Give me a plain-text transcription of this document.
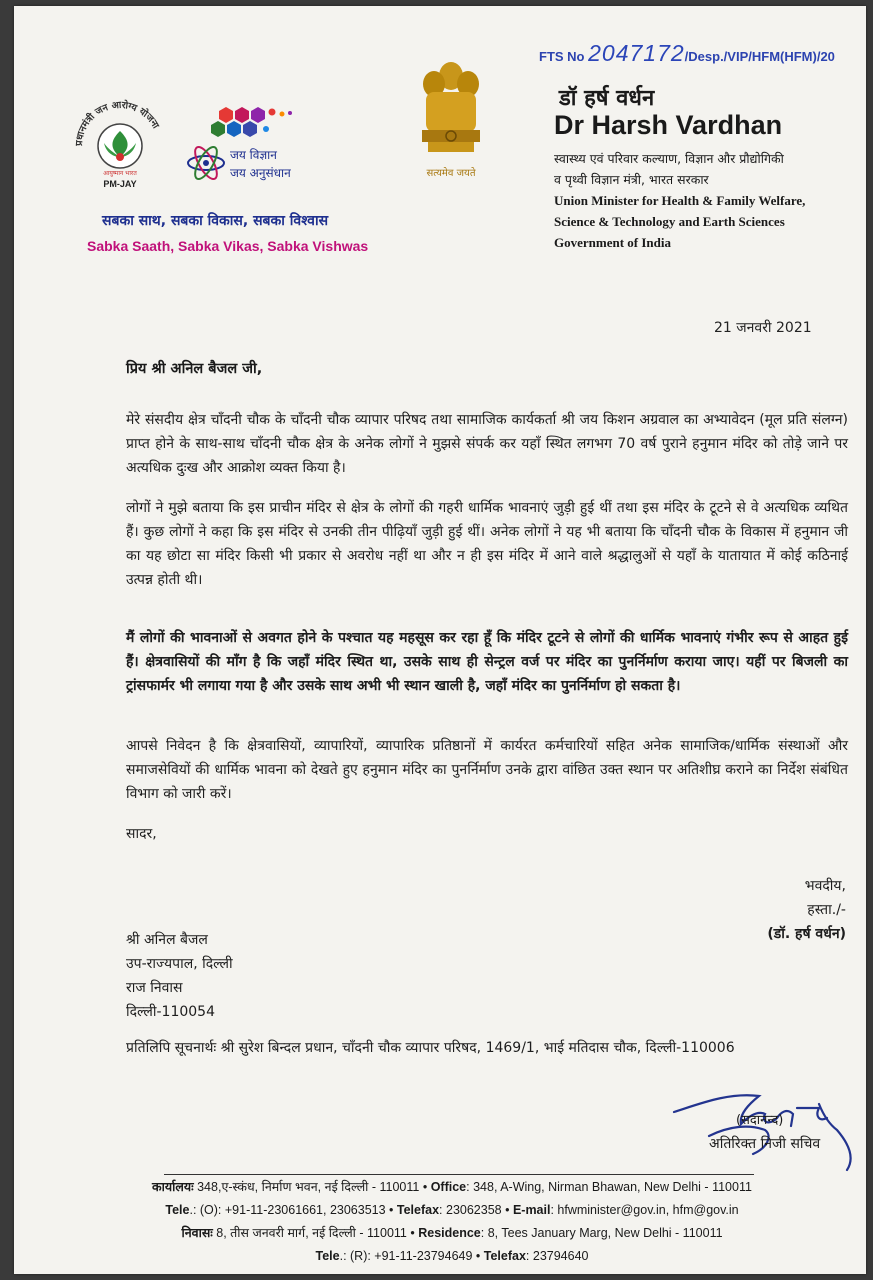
प्रधानमंत्री जन आरोग्य योजना
आयुष्मान भारत
PM-JAY
जय विज्ञान
जय अनुसंधान	सत्यमेव जयते
सबका साथ, सबका विकास, सबका विश्वास
Sabka Saath, Sabka Vikas, Sabka Vishwas
FTS No 2047172/Desp./VIP/HFM(HFM)/20
डॉ हर्ष वर्धन
Dr Harsh Vardhan
स्वास्थ्य एवं परिवार कल्याण, विज्ञान और प्रौद्योगिकी
व पृथ्वी विज्ञान मंत्री, भारत सरकार
Union Minister for Health & Family Welfare,
Science & Technology and Earth Sciences
Government of India
21 जनवरी 2021
प्रिय श्री अनिल बैजल जी,

मेरे संसदीय क्षेत्र चाँदनी चौक के चाँदनी चौक व्यापार परिषद तथा सामाजिक कार्यकर्ता श्री जय किशन अग्रवाल का अभ्यावेदन (मूल प्रति संलग्न) प्राप्त होने के साथ-साथ चाँदनी चौक क्षेत्र के अनेक लोगों ने मुझसे संपर्क कर यहाँ स्थित लगभग 70 वर्ष पुराने हनुमान मंदिर को तोड़े जाने पर अत्यधिक दुःख और आक्रोश व्यक्त किया है।

लोगों ने मुझे बताया कि इस प्राचीन मंदिर से क्षेत्र के लोगों की गहरी धार्मिक भावनाएं जुड़ी हुई थीं तथा इस मंदिर के टूटने से वे अत्यधिक व्यथित हैं। कुछ लोगों ने कहा कि इस मंदिर से उनकी तीन पीढ़ियाँ जुड़ी हुई थीं। अनेक लोगों ने यह भी बताया कि चाँदनी चौक के विकास में हनुमान जी का यह छोटा सा मंदिर किसी भी प्रकार से अवरोध नहीं था और न ही इस मंदिर में आने वाले श्रद्धालुओं से यहाँ के यातायात में कोई कठिनाई उत्पन्न होती थी।

मैं लोगों की भावनाओं से अवगत होने के पश्चात यह महसूस कर रहा हूँ कि मंदिर टूटने से लोगों की धार्मिक भावनाएं गंभीर रूप से आहत हुई हैं। क्षेत्रवासियों की माँग है कि जहाँ मंदिर स्थित था, उसके साथ ही सेन्ट्रल वर्ज पर मंदिर का पुनर्निर्माण कराया जाए। यहीं पर बिजली का ट्रांसफार्मर भी लगाया गया है और उसके साथ अभी भी स्थान खाली है, जहाँ मंदिर का पुनर्निर्माण हो सकता है।

आपसे निवेदन है कि क्षेत्रवासियों, व्यापारियों, व्यापारिक प्रतिष्ठानों में कार्यरत कर्मचारियों सहित अनेक सामाजिक/धार्मिक संस्थाओं और समाजसेवियों की धार्मिक भावना को देखते हुए हनुमान मंदिर का पुनर्निर्माण उनके द्वारा वांछित उक्त स्थान पर अतिशीघ्र कराने का निर्देश संबंधित विभाग को जारी करें।

सादर,
भवदीय,
हस्ता./-
(डॉ. हर्ष वर्धन)
श्री अनिल बैजल
उप-राज्यपाल, दिल्ली
राज निवास
दिल्ली-110054
प्रतिलिपि सूचनार्थः श्री सुरेश बिन्दल प्रधान, चाँदनी चौक व्यापार परिषद, 1469/1, भाई मतिदास चौक, दिल्ली-110006
(सदानन्द)
अतिरिक्त निजी सचिव
कार्यालयः 348,ए-स्कंध, निर्माण भवन, नई दिल्ली - 110011 • Office: 348, A-Wing, Nirman Bhawan, New Delhi - 110011
Tele.: (O): +91-11-23061661, 23063513 • Telefax: 23062358 • E-mail: hfwminister@gov.in, hfm@gov.in
निवासः 8, तीस जनवरी मार्ग, नई दिल्ली - 110011 • Residence: 8, Tees January Marg, New Delhi - 110011
Tele.: (R): +91-11-23794649 • Telefax: 23794640
